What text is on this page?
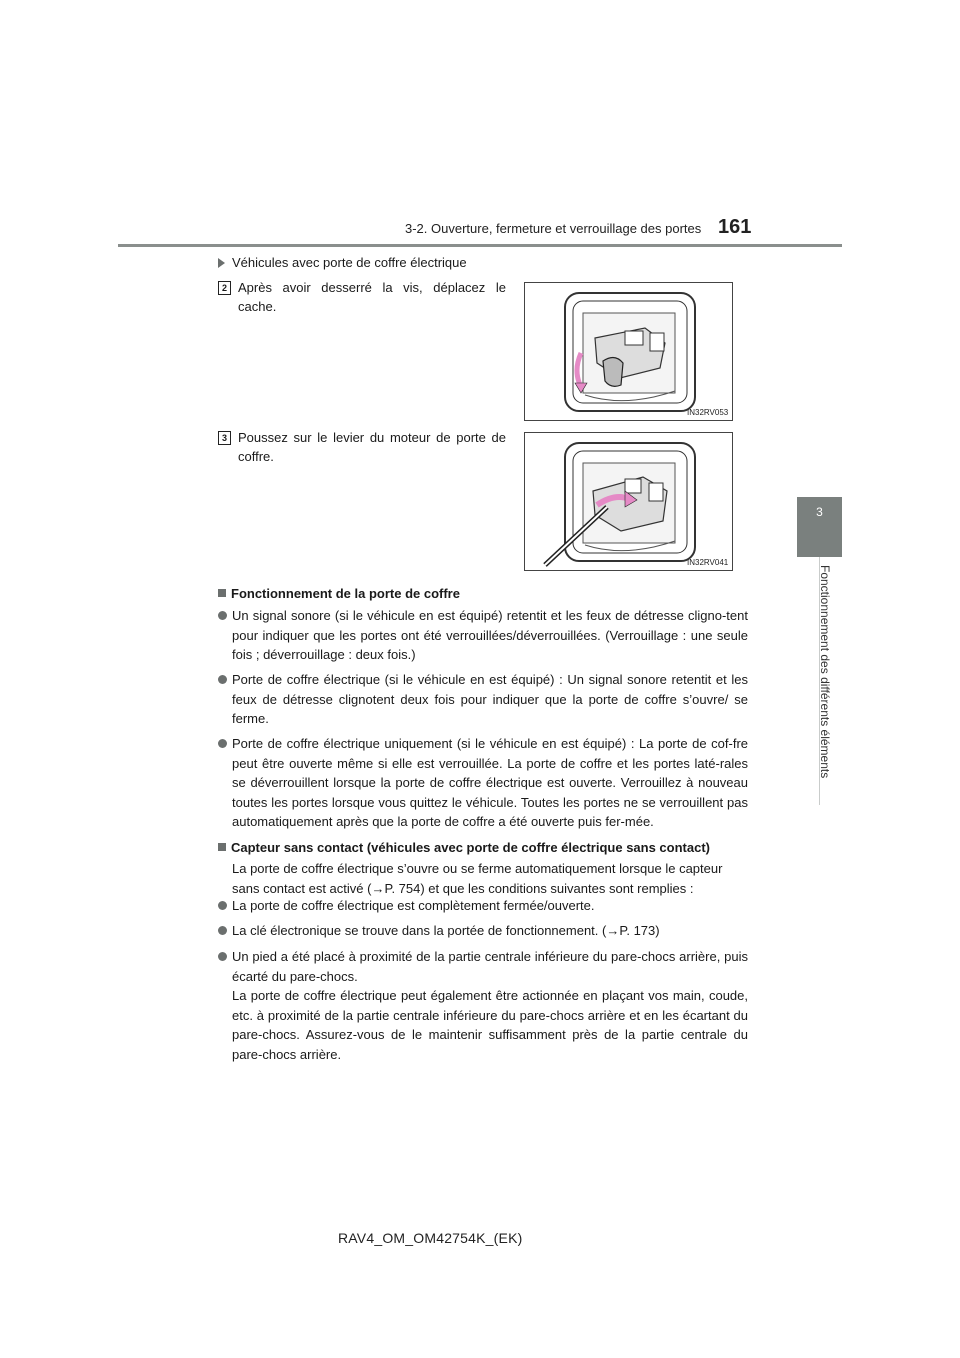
3-2. Ouverture, fermeture et verrouillage des portes 161
3
Fonctionnement des différents éléments
Véhicules avec porte de coffre électrique
2 Après avoir desserré la vis, déplacez le cache.
IN32RV053
3 Poussez sur le levier du moteur de porte de coffre.
IN32RV041
Fonctionnement de la porte de coffre
Un signal sonore (si le véhicule en est équipé) retentit et les feux de détresse cligno-tent pour indiquer que les portes ont été verrouillées/déverrouillées. (Verrouillage : une seule fois ; déverrouillage : deux fois.)
Porte de coffre électrique (si le véhicule en est équipé) : Un signal sonore retentit et les feux de détresse clignotent deux fois pour indiquer que la porte de coffre s’ouvre/ se ferme.
Porte de coffre électrique uniquement (si le véhicule en est équipé) : La porte de cof-fre peut être ouverte même si elle est verrouillée. La porte de coffre et les portes laté-rales se déverrouillent lorsque la porte de coffre électrique est ouverte. Verrouillez à nouveau toutes les portes lorsque vous quittez le véhicule. Toutes les portes ne se verrouillent pas automatiquement après que la porte de coffre a été ouverte puis fer-mée.
Capteur sans contact (véhicules avec porte de coffre électrique sans contact)
La porte de coffre électrique s’ouvre ou se ferme automatiquement lorsque le capteur sans contact est activé (→P. 754) et que les conditions suivantes sont remplies :
La porte de coffre électrique est complètement fermée/ouverte.
La clé électronique se trouve dans la portée de fonctionnement. (→P. 173)
Un pied a été placé à proximité de la partie centrale inférieure du pare-chocs arrière, puis écarté du pare-chocs.
La porte de coffre électrique peut également être actionnée en plaçant vos main, coude, etc. à proximité de la partie centrale inférieure du pare-chocs arrière et en les écartant du pare-chocs. Assurez-vous de le maintenir suffisamment près de la partie centrale du pare-chocs arrière.
RAV4_OM_OM42754K_(EK)
